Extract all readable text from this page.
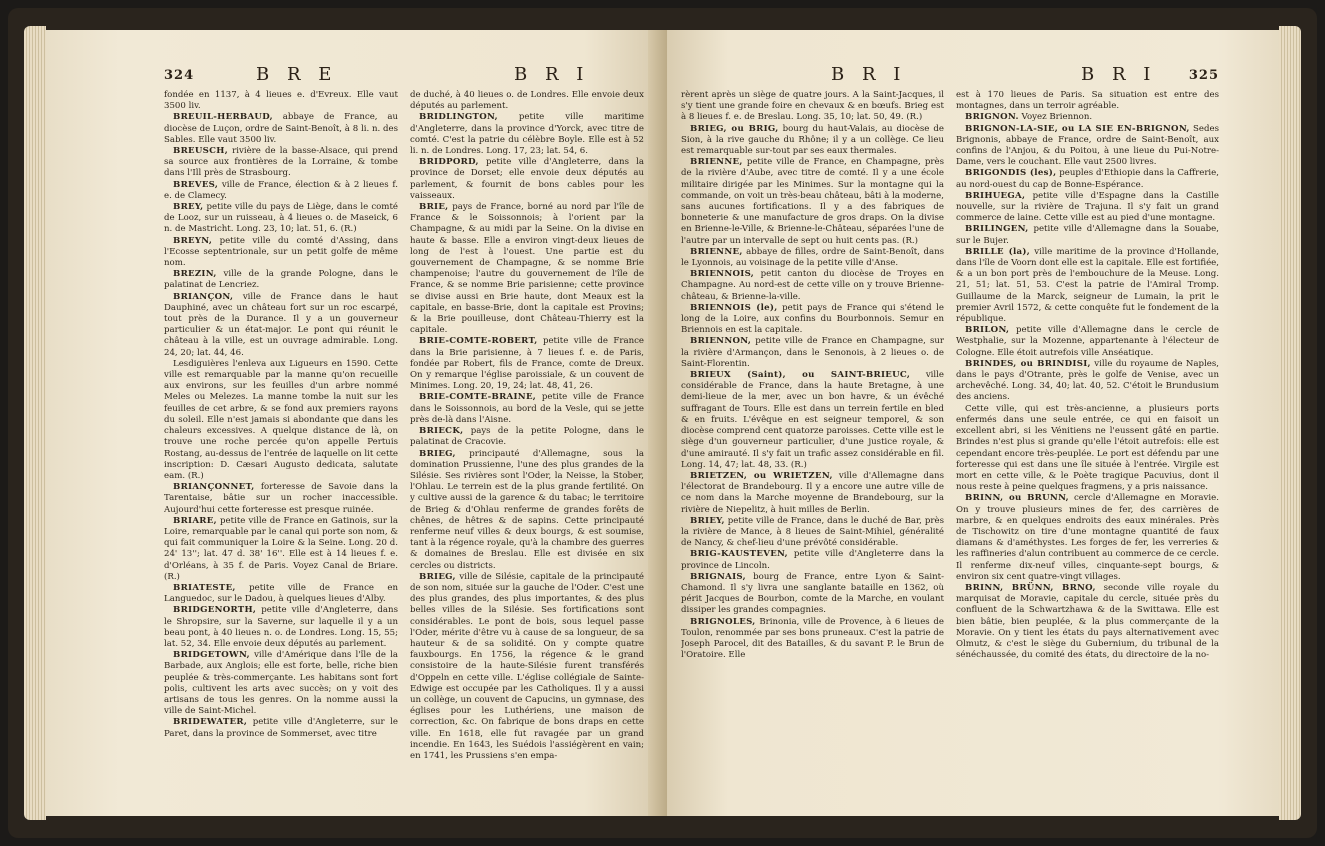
324	B R E	B R I

fondée en 1137, à 4 lieues e. d'Evreux. Elle vaut 3500 liv.

BREUIL-HERBAUD, abbaye de France, au diocèse de Luçon, ordre de Saint-Benoît, à 8 li. n. des Sables. Elle vaut 3500 liv.

BREUSCH, rivière de la basse-Alsace, qui prend sa source aux frontières de la Lorraine, & tombe dans l'Ill près de Strasbourg.

BREVES, ville de France, élection & à 2 lieues f. e. de Clamecy.

BREY, petite ville du pays de Liège, dans le comté de Looz, sur un ruisseau, à 4 lieues o. de Maseick, 6 n. de Mastricht. Long. 23, 10; lat. 51, 6. (R.)

BREYN, petite ville du comté d'Assing, dans l'Ecosse septentrionale, sur un petit golfe de même nom.

BREZIN, ville de la grande Pologne, dans le palatinat de Lencriez.

BRIANÇON, ville de France dans le haut Dauphiné, avec un château fort sur un roc escarpé, tout près de la Durance. Il y a un gouverneur particulier & un état-major. Le pont qui réunit le château à la ville, est un ouvrage admirable. Long. 24, 20; lat. 44, 46.

Lesdiguières l'enleva aux Ligueurs en 1590. Cette ville est remarquable par la manne qu'on recueille aux environs, sur les feuilles d'un arbre nommé Meles ou Melezes. La manne tombe la nuit sur les feuilles de cet arbre, & se fond aux premiers rayons du soleil. Elle n'est jamais si abondante que dans les chaleurs excessives. A quelque distance de là, on trouve une roche percée qu'on appelle Pertuis Rostang, au-dessus de l'entrée de laquelle on lit cette inscription: D. Cæsari Augusto dedicata, salutate eam. (R.)

BRIANÇONNET, forteresse de Savoie dans la Tarentaise, bâtie sur un rocher inaccessible. Aujourd'hui cette forteresse est presque ruinée.

BRIARE, petite ville de France en Gatinois, sur la Loire, remarquable par le canal qui porte son nom, & qui fait communiquer la Loire & la Seine. Long. 20 d. 24' 13''; lat. 47 d. 38' 16''. Elle est à 14 lieues f. e. d'Orléans, à 35 f. de Paris. Voyez Canal de Briare. (R.)

BRIATESTE, petite ville de France en Languedoc, sur le Dadou, à quelques lieues d'Alby.

BRIDGENORTH, petite ville d'Angleterre, dans le Shropsire, sur la Saverne, sur laquelle il y a un beau pont, à 40 lieues n. o. de Londres. Long. 15, 55; lat. 52, 34. Elle envoie deux députés au parlement.

BRIDGETOWN, ville d'Amérique dans l'île de la Barbade, aux Anglois; elle est forte, belle, riche bien peuplée & très-commerçante. Les habitans sont fort polis, cultivent les arts avec succès; on y voit des artisans de tous les genres. On la nomme aussi la ville de Saint-Michel.

BRIDEWATER, petite ville d'Angleterre, sur le Paret, dans la province de Sommerset, avec titre

de duché, à 40 lieues o. de Londres. Elle envoie deux députés au parlement.

BRIDLINGTON, petite ville maritime d'Angleterre, dans la province d'Yorck, avec titre de comté. C'est la patrie du célèbre Boyle. Elle est à 52 li. n. de Londres. Long. 17, 23; lat. 54, 6.

BRIDPORD, petite ville d'Angleterre, dans la province de Dorset; elle envoie deux députés au parlement, & fournit de bons cables pour les vaisseaux.

BRIE, pays de France, borné au nord par l'île de France & le Soissonnois; à l'orient par la Champagne, & au midi par la Seine. On la divise en haute & basse. Elle a environ vingt-deux lieues de long de l'est à l'ouest. Une partie est du gouvernement de Champagne, & se nomme Brie champenoise; l'autre du gouvernement de l'île de France, & se nomme Brie parisienne; cette province se divise aussi en Brie haute, dont Meaux est la capitale, en basse-Brie, dont la capitale est Provins; & la Brie pouilleuse, dont Château-Thierry est la capitale.

BRIE-COMTE-ROBERT, petite ville de France dans la Brie parisienne, à 7 lieues f. e. de Paris, fondée par Robert, fils de France, comte de Dreux. On y remarque l'église paroissiale, & un couvent de Minimes. Long. 20, 19, 24; lat. 48, 41, 26.

BRIE-COMTE-BRAINE, petite ville de France dans le Soissonnois, au bord de la Vesle, qui se jette près de-là dans l'Aisne.

BRIECK, pays de la petite Pologne, dans le palatinat de Cracovie.

BRIEG, principauté d'Allemagne, sous la domination Prussienne, l'une des plus grandes de la Silésie. Ses rivières sont l'Oder, la Neisse, la Stober, l'Ohlau. Le terrein est de la plus grande fertilité. On y cultive aussi de la garence & du tabac; le territoire de Brieg & d'Ohlau renferme de grandes forêts de chênes, de hêtres & de sapins. Cette principauté renferme neuf villes & deux bourgs, & est soumise, tant à la régence royale, qu'à la chambre des guerres & domaines de Breslau. Elle est divisée en six cercles ou districts.

BRIEG, ville de Silésie, capitale de la principauté de son nom, située sur la gauche de l'Oder. C'est une des plus grandes, des plus importantes, & des plus belles villes de la Silésie. Ses fortifications sont considérables. Le pont de bois, sous lequel passe l'Oder, mérite d'être vu à cause de sa longueur, de sa hauteur & de sa solidité. On y compte quatre fauxbourgs. En 1756, la régence & le grand consistoire de la haute-Silésie furent transférés d'Oppeln en cette ville. L'église collégiale de Sainte-Edwige est occupée par les Catholiques. Il y a aussi un collège, un couvent de Capucins, un gymnase, des églises pour les Luthériens, une maison de correction, &c. On fabrique de bons draps en cette ville. En 1618, elle fut ravagée par un grand incendie. En 1643, les Suédois l'assiégèrent en vain; en 1741, les Prussiens s'en empa-

B R I	B R I	325

rèrent après un siège de quatre jours. A la Saint-Jacques, il s'y tient une grande foire en chevaux & en bœufs. Brieg est à 8 lieues f. e. de Breslau. Long. 35, 10; lat. 50, 49. (R.)

BRIEG, ou BRIG, bourg du haut-Valais, au diocèse de Sion, à la rive gauche du Rhône; il y a un collège. Ce lieu est remarquable sur-tout par ses eaux thermales.

BRIENNE, petite ville de France, en Champagne, près de la rivière d'Aube, avec titre de comté. Il y a une école militaire dirigée par les Minimes. Sur la montagne qui la commande, on voit un très-beau château, bâti à la moderne, sans aucunes fortifications. Il y a des fabriques de bonneterie & une manufacture de gros draps. On la divise en Brienne-le-Ville, & Brienne-le-Château, séparées l'une de l'autre par un intervalle de sept ou huit cents pas. (R.)

BRIENNE, abbaye de filles, ordre de Saint-Benoît, dans le Lyonnois, au voisinage de la petite ville d'Anse.

BRIENNOIS, petit canton du diocèse de Troyes en Champagne. Au nord-est de cette ville on y trouve Brienne-château, & Brienne-la-ville.

BRIENNOIS (le), petit pays de France qui s'étend le long de la Loire, aux confins du Bourbonnois. Semur en Briennois en est la capitale.

BRIENNON, petite ville de France en Champagne, sur la rivière d'Armançon, dans le Senonois, à 2 lieues o. de Saint-Florentin.

BRIEUX (Saint), ou SAINT-BRIEUC, ville considérable de France, dans la haute Bretagne, à une demi-lieue de la mer, avec un bon havre, & un évêché suffragant de Tours. Elle est dans un terrein fertile en bled & en fruits. L'évêque en est seigneur temporel, & son diocèse comprend cent quatorze paroisses. Cette ville est le siège d'un gouverneur particulier, d'une justice royale, & d'une amirauté. Il s'y fait un trafic assez considérable en fil. Long. 14, 47; lat. 48, 33. (R.)

BRIETZEN, ou WRIETZEN, ville d'Allemagne dans l'électorat de Brandebourg. Il y a encore une autre ville de ce nom dans la Marche moyenne de Brandebourg, sur la rivière de Niepelitz, à huit milles de Berlin.

BRIEY, petite ville de France, dans le duché de Bar, près la rivière de Mance, à 8 lieues de Saint-Mihiel, généralité de Nancy, & chef-lieu d'une prévôté considérable.

BRIG-KAUSTEVEN, petite ville d'Angleterre dans la province de Lincoln.

BRIGNAIS, bourg de France, entre Lyon & Saint-Chamond. Il s'y livra une sanglante bataille en 1362, où périt Jacques de Bourbon, comte de la Marche, en voulant dissiper les grandes compagnies.

BRIGNOLES, Brinonia, ville de Provence, à 6 lieues de Toulon, renommée par ses bons pruneaux. C'est la patrie de Joseph Parocel, dit des Batailles, & du savant P. le Brun de l'Oratoire. Elle

est à 170 lieues de Paris. Sa situation est entre des montagnes, dans un terroir agréable.

BRIGNON. Voyez Briennon.

BRIGNON-LA-SIE, ou LA SIE EN-BRIGNON, Sedes Brignonis, abbaye de France, ordre de Saint-Benoît, aux confins de l'Anjou, & du Poitou, à une lieue du Pui-Notre-Dame, vers le couchant. Elle vaut 2500 livres.

BRIGONDIS (les), peuples d'Ethiopie dans la Caffrerie, au nord-ouest du cap de Bonne-Espérance.

BRIHUEGA, petite ville d'Espagne dans la Castille nouvelle, sur la rivière de Trajuna. Il s'y fait un grand commerce de laine. Cette ville est au pied d'une montagne.

BRILINGEN, petite ville d'Allemagne dans la Souabe, sur le Bujer.

BRILLE (la), ville maritime de la province d'Hollande, dans l'île de Voorn dont elle est la capitale. Elle est fortifiée, & a un bon port près de l'embouchure de la Meuse. Long. 21, 51; lat. 51, 53. C'est la patrie de l'Amiral Tromp. Guillaume de la Marck, seigneur de Lumain, la prit le premier Avril 1572, & cette conquête fut le fondement de la république.

BRILON, petite ville d'Allemagne dans le cercle de Westphalie, sur la Mozenne, appartenante à l'électeur de Cologne. Elle étoit autrefois ville Anséatique.

BRINDES, ou BRINDISI, ville du royaume de Naples, dans le pays d'Otrante, près le golfe de Venise, avec un archevêché. Long. 34, 40; lat. 40, 52. C'étoit le Brundusium des anciens.

Cette ville, qui est très-ancienne, a plusieurs ports enfermés dans une seule entrée, ce qui en faisoit un excellent abri, si les Vénitiens ne l'eussent gâté en partie. Brindes n'est plus si grande qu'elle l'étoit autrefois: elle est cependant encore très-peuplée. Le port est défendu par une forteresse qui est dans une île située à l'entrée. Virgile est mort en cette ville, & le Poète tragique Pacuvius, dont il nous reste à peine quelques fragmens, y a pris naissance.

BRINN, ou BRUNN, cercle d'Allemagne en Moravie. On y trouve plusieurs mines de fer, des carrières de marbre, & en quelques endroits des eaux minérales. Près de Tischowitz on tire d'une montagne quantité de faux diamans & d'améthystes. Les forges de fer, les verreries & les raffineries d'alun contribuent au commerce de ce cercle. Il renferme dix-neuf villes, cinquante-sept bourgs, & environ six cent quatre-vingt villages.

BRINN, BRÜNN, BRNO, seconde ville royale du marquisat de Moravie, capitale du cercle, située près du confluent de la Schwartzhawa & de la Swittawa. Elle est bien bâtie, bien peuplée, & la plus commerçante de la Moravie. On y tient les états du pays alternativement avec Olmutz, & c'est le siège du Gubernium, du tribunal de la sénéchaussée, du comité des états, du directoire de la no-
